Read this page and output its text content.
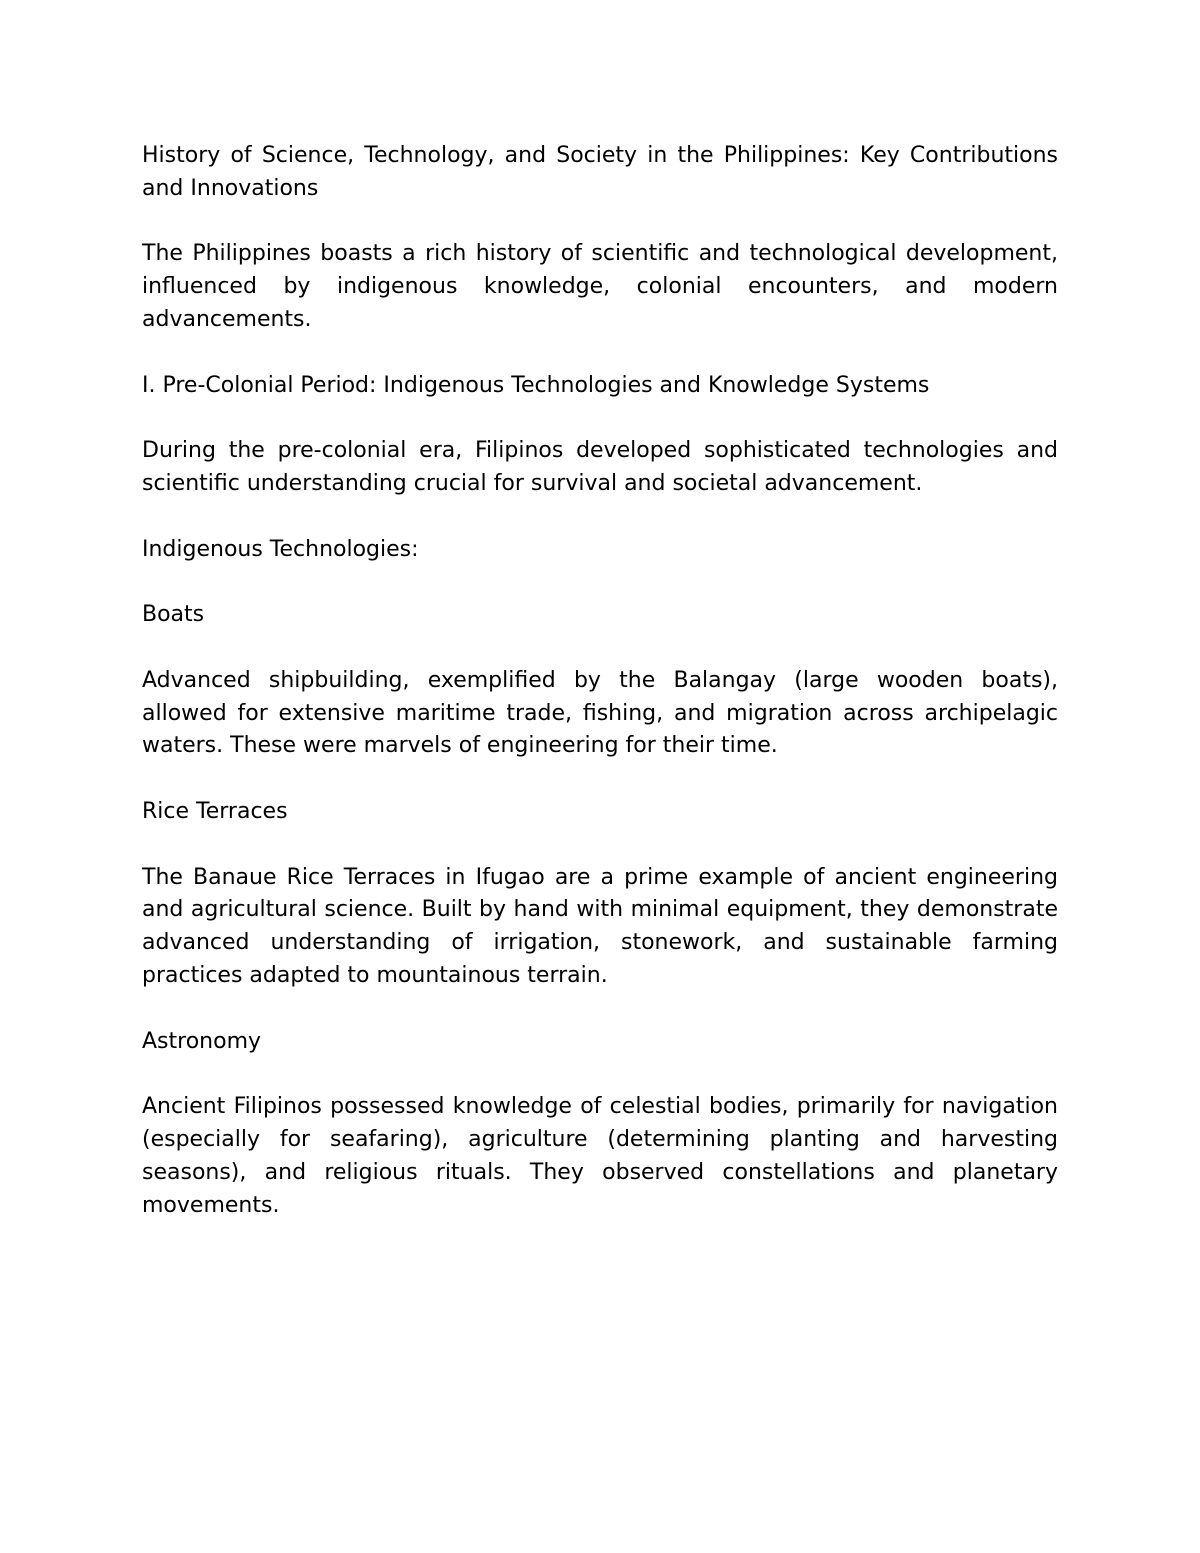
History of Science, Technology, and Society in the Philippines: Key Contributions and Innovations

The Philippines boasts a rich history of scientific and technological development, influenced by indigenous knowledge, colonial encounters, and modern advancements.

I. Pre-Colonial Period: Indigenous Technologies and Knowledge Systems

During the pre-colonial era, Filipinos developed sophisticated technologies and scientific understanding crucial for survival and societal advancement.

Indigenous Technologies:

Boats

Advanced shipbuilding, exemplified by the Balangay (large wooden boats), allowed for extensive maritime trade, fishing, and migration across archipelagic waters. These were marvels of engineering for their time.

Rice Terraces

The Banaue Rice Terraces in Ifugao are a prime example of ancient engineering and agricultural science. Built by hand with minimal equipment, they demonstrate advanced understanding of irrigation, stonework, and sustainable farming practices adapted to mountainous terrain.

Astronomy

Ancient Filipinos possessed knowledge of celestial bodies, primarily for navigation (especially for seafaring), agriculture (determining planting and harvesting seasons), and religious rituals. They observed constellations and planetary movements.
